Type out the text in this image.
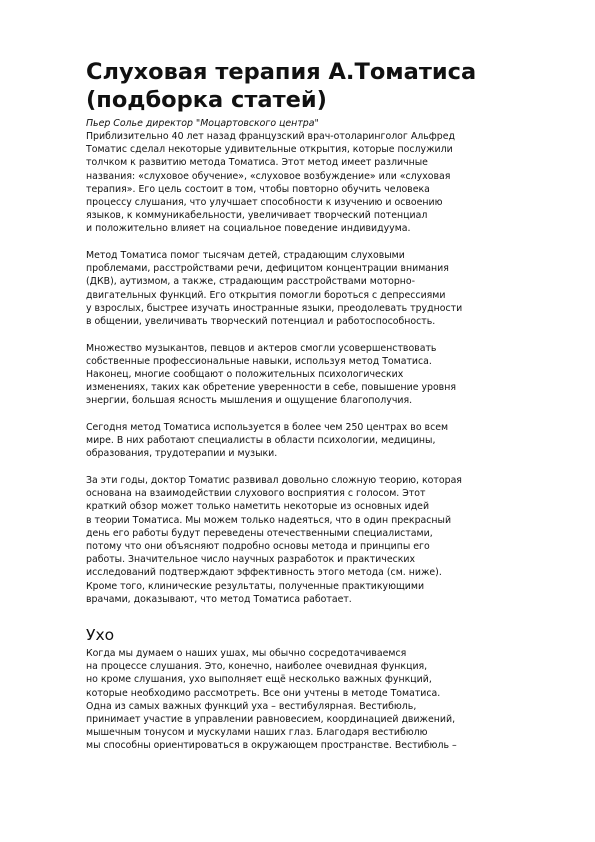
Слуховая терапия А.Томатиса
(подборка статей)

Пьер Солье директор "Моцартовского центра"

Приблизительно 40 лет назад французский врач-отоларинголог Альфред
Томатис сделал некоторые удивительные открытия, которые послужили
толчком к развитию метода Томатиса. Этот метод имеет различные
названия: «слуховое обучение», «слуховое возбуждение» или «слуховая
терапия». Его цель состоит в том, чтобы повторно обучить человека
процессу слушания, что улучшает способности к изучению и освоению
языков, к коммуникабельности, увеличивает творческий потенциал
и положительно влияет на социальное поведение индивидуума.

Метод Томатиса помог тысячам детей, страдающим слуховыми
проблемами, расстройствами речи, дефицитом концентрации внимания
(ДКВ), аутизмом, а также, страдающим расстройствами моторно-
двигательных функций. Его открытия помогли бороться с депрессиями
у взрослых, быстрее изучать иностранные языки, преодолевать трудности
в общении, увеличивать творческий потенциал и работоспособность.

Множество музыкантов, певцов и актеров смогли усовершенствовать
собственные профессиональные навыки, используя метод Томатиса.
Наконец, многие сообщают о положительных психологических
изменениях, таких как обретение уверенности в себе, повышение уровня
энергии, большая ясность мышления и ощущение благополучия.

Сегодня метод Томатиса используется в более чем 250 центрах во всем
мире. В них работают специалисты в области психологии, медицины,
образования, трудотерапии и музыки.

За эти годы, доктор Томатис развивал довольно сложную теорию, которая
основана на взаимодействии слухового восприятия с голосом. Этот
краткий обзор может только наметить некоторые из основных идей
в теории Томатиса. Мы можем только надеяться, что в один прекрасный
день его работы будут переведены отечественными специалистами,
потому что они объясняют подробно основы метода и принципы его
работы. Значительное число научных разработок и практических
исследований подтверждают эффективность этого метода (см. ниже).
Кроме того, клинические результаты, полученные практикующими
врачами, доказывают, что метод Томатиса работает.

Ухо

Когда мы думаем о наших ушах, мы обычно сосредотачиваемся
на процессе слушания. Это, конечно, наиболее очевидная функция,
но кроме слушания, ухо выполняет ещё несколько важных функций,
которые необходимо рассмотреть. Все они учтены в методе Томатиса.
Одна из самых важных функций уха – вестибулярная. Вестибюль,
принимает участие в управлении равновесием, координацией движений,
мышечным тонусом и мускулами наших глаз. Благодаря вестибюлю
мы способны ориентироваться в окружающем пространстве. Вестибюль –
